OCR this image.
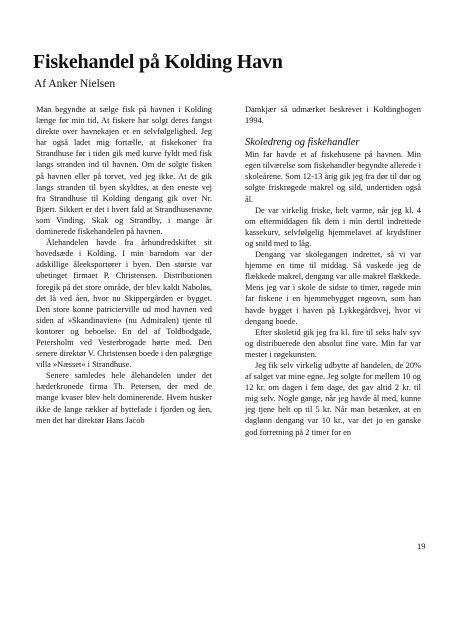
Fiskehandel på Kolding Havn
Af Anker Nielsen

Man begyndte at sælge fisk på havnen i Kolding længe før min tid. At fiskere har solgt deres fangst direkte over havnekajen er en selvfølgelighed. Jeg har også ladet mig fortælle, at fiskekoner fra Strandhuse før i tiden gik med kurve fyldt med fisk langs stranden ind til havnen. Om de solgte fisken på havnen eller på torvet, ved jeg ikke. At de gik langs stranden til byen skyldtes, at den eneste vej fra Strandhuse til Kolding dengang gik over Nr. Bjært. Sikkert er det i hvert fald at Strandhusenavne som Vinding, Skak og Strandby, i mange år dominerede fiskehandelen på havnen.

Ålehandelen havde fra århundredskiftet sit hovedsæde i Kolding. I min barndom var der adskillige åleeksportører i byen. Den største var ubetinget firmaet P. Christensen. Distributionen foregik på det store område, der blev kaldt Naboløs, det lå ved åen, hvor nu Skippergården er bygget. Den store konne patricierville ud mod havnen ved siden af »Skandinavien« (nu Admiralen) tjente til kontorer og beboelse. En del af Toldbodgade, Petersholm ved Vesterbrogade hørte med. Den senere direktør V. Christensen boede i den palægtige villa »Næsset« i Strandhuse.

Senere samledes hele ålehandelen under det hæderkronede firma Th. Petersen, der med de mange kvaser blev helt dominerende. Hvem husker ikke de lange rækker af hyttefade i fjorden og åen, men det har direktør Hans Jacob

Damkjær så udmærket beskrevet i Koldingbogen 1994.

Skoledreng og fiskehandler

Min far havde et af fiskehusene på havnen. Min egen tilværelse som fiskehandler begyndte allerede i skoleårene. Som 12-13 årig gik jeg fra dør til dør og solgte friskrøgede makrel og sild, undertiden også ål.

De var virkelig friske, helt varme, når jeg kl. 4 om eftermiddagen fik dem i min dertil indrettede kassekurv, selvfølgelig hjemmelavet af krydsfiner og snild med to låg.

Dengang var skolegangen indrettet, så vi var hjemme en time til middag. Så vaskede jeg de flækkede makrel, dengang var alle makrel flækkede. Mens jeg var i skole de sidste to timer, røgede min far fiskene i en hjemmebygget røgeovn, som han havde bygget i haven på Lykkegårdsvej, hvor vi dengang boede.

Efter skoletid gik jeg fra kl. fire til seks halv syv og distribuerede den absolut fine vare. Min far var mester i røgekunsten.

Jeg fik selv virkelig udbytte af handelen, de 20% af salget var mine egne. Jeg solgte for mellem 10 og 12 kr. om dagen i fem dage, det gav altid 2 kr. til mig selv. Nogle gange, når jeg havde ål med, kunne jeg tjene helt op til 5 kr. Når man betænker, at en daglønn dengang var 10 kr., var det jo en ganske god forretning på 2 timer for en

19
